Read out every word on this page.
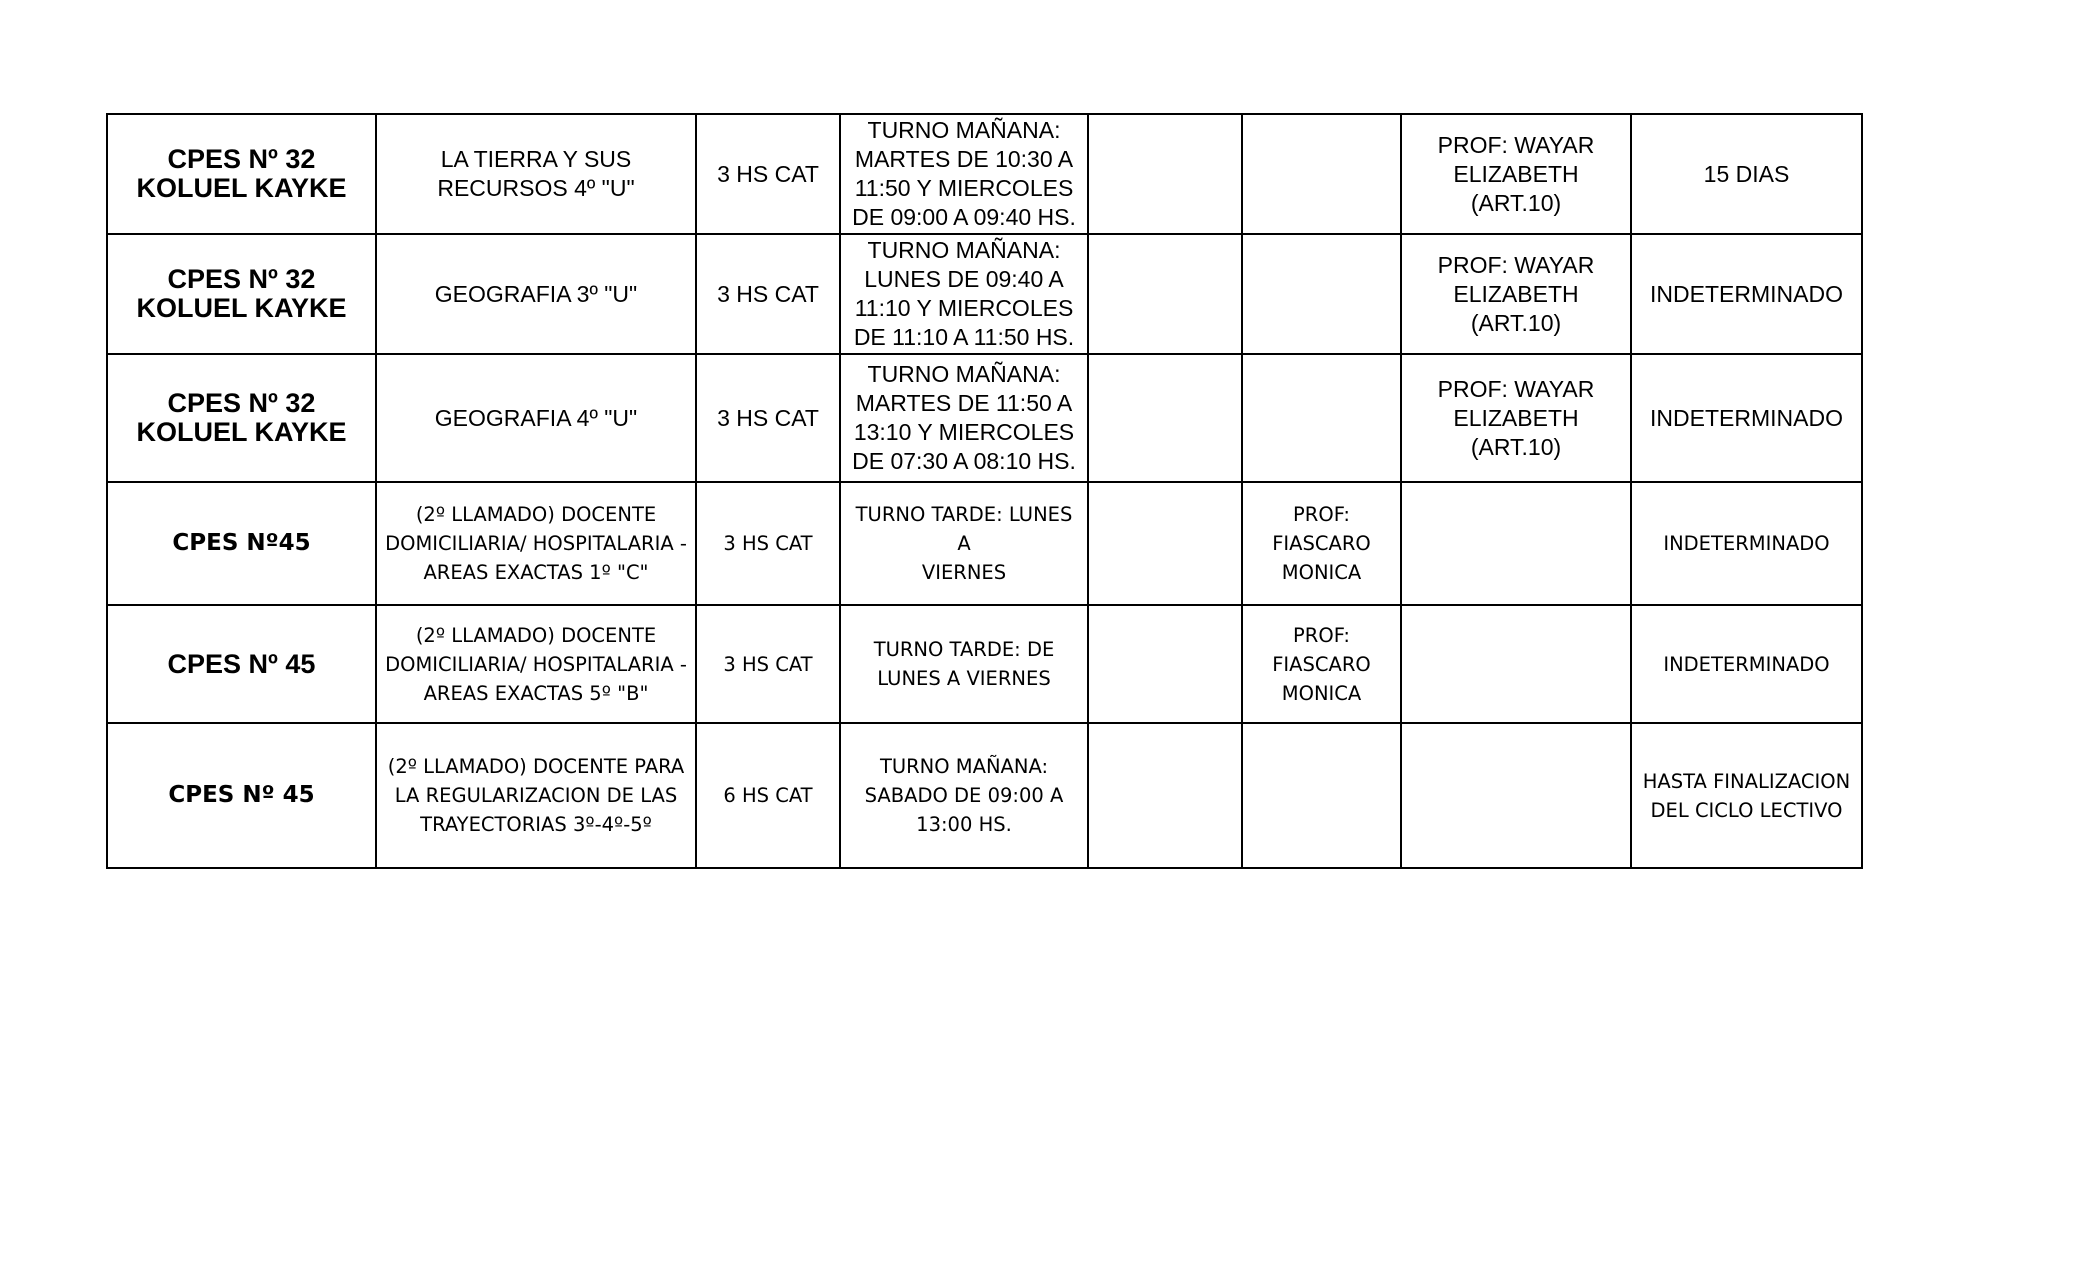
CPES Nº 32
KOLUEL KAYKE	LA TIERRA Y SUS
RECURSOS 4º "U"	3 HS CAT	TURNO MAÑANA:
MARTES DE 10:30 A
11:50 Y MIERCOLES
DE 09:00 A 09:40 HS.			PROF: WAYAR
ELIZABETH
(ART.10)	15 DIAS
CPES Nº 32
KOLUEL KAYKE	GEOGRAFIA 3º "U"	3 HS CAT	TURNO MAÑANA:
LUNES DE 09:40 A
11:10 Y MIERCOLES
DE 11:10 A 11:50 HS.			PROF: WAYAR
ELIZABETH
(ART.10)	INDETERMINADO
CPES Nº 32
KOLUEL KAYKE	GEOGRAFIA 4º "U"	3 HS CAT	TURNO MAÑANA:
MARTES DE 11:50 A
13:10 Y MIERCOLES
DE 07:30 A 08:10 HS.			PROF: WAYAR
ELIZABETH
(ART.10)	INDETERMINADO
CPES Nº45	(2º LLAMADO) DOCENTE
DOMICILIARIA/ HOSPITALARIA -
AREAS EXACTAS 1º "C"	3 HS CAT	TURNO TARDE: LUNES A
VIERNES		PROF:
FIASCARO
MONICA		INDETERMINADO
CPES Nº 45	(2º LLAMADO) DOCENTE
DOMICILIARIA/ HOSPITALARIA -
AREAS EXACTAS 5º "B"	3 HS CAT	TURNO TARDE: DE
LUNES A VIERNES		PROF:
FIASCARO
MONICA		INDETERMINADO
CPES Nº 45	(2º LLAMADO) DOCENTE PARA
LA REGULARIZACION DE LAS
TRAYECTORIAS 3º-4º-5º	6 HS CAT	TURNO MAÑANA:
SABADO DE 09:00 A
13:00 HS.				HASTA FINALIZACION
DEL CICLO LECTIVO
